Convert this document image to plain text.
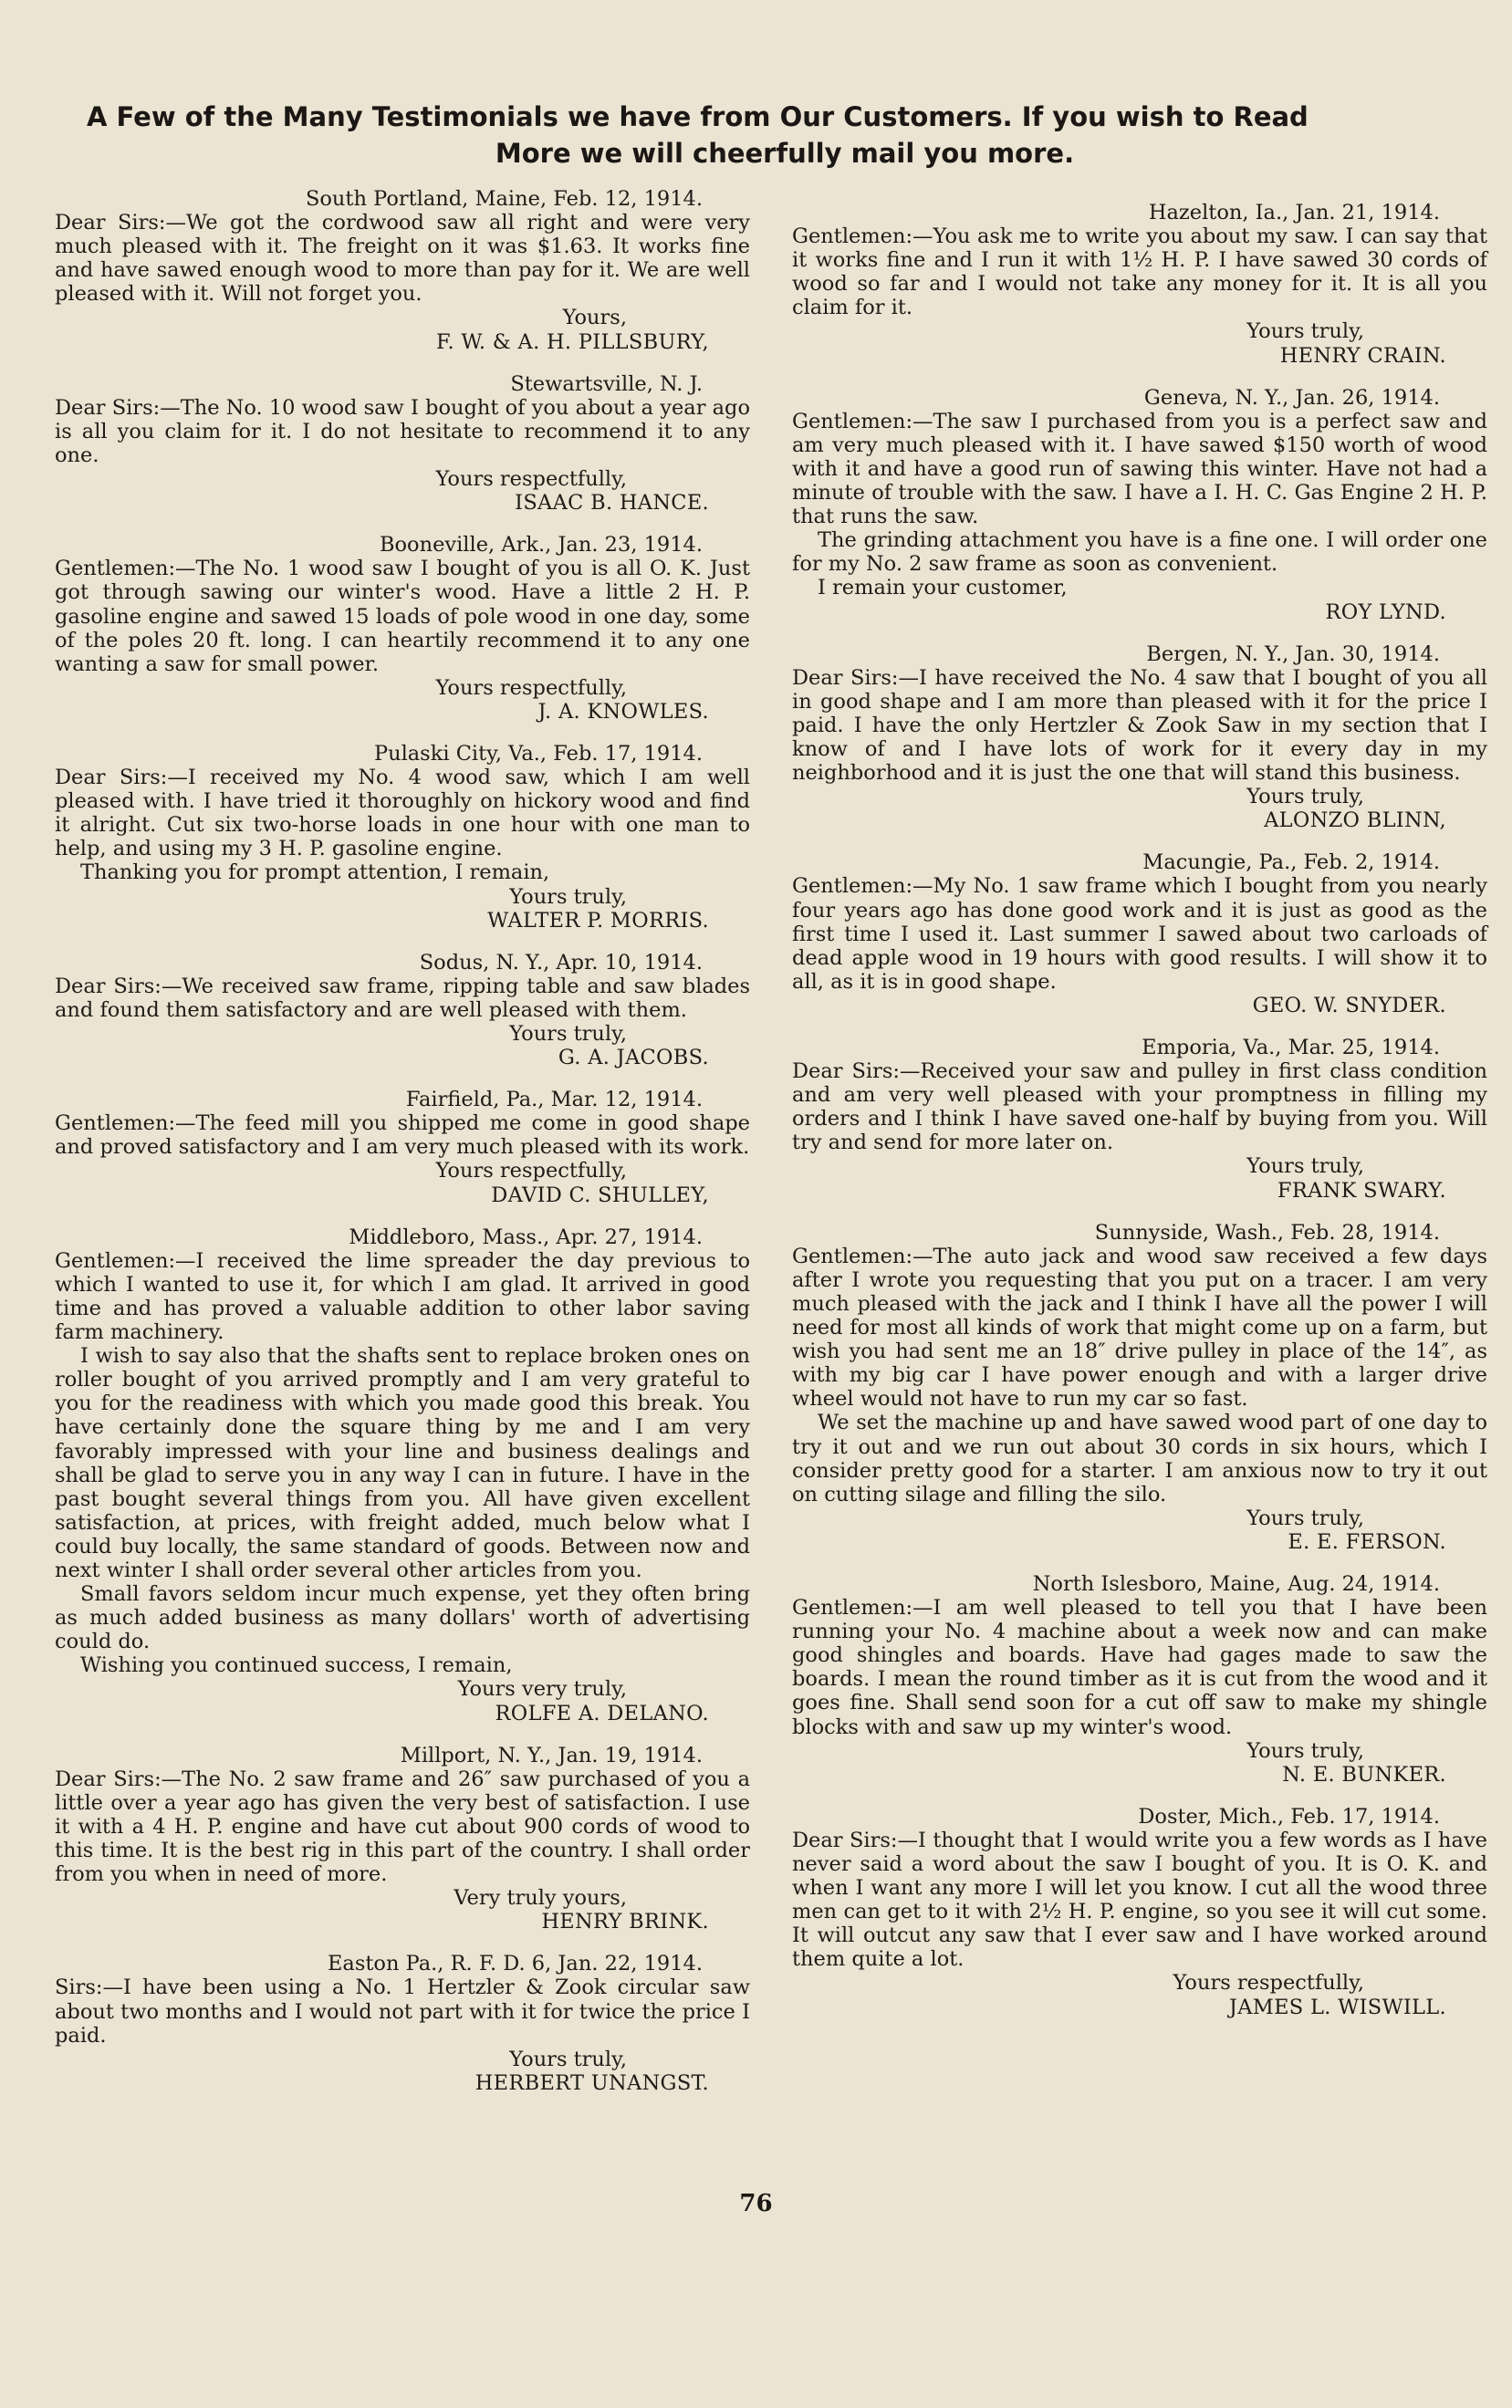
A Few of the Many Testimonials we have from Our Customers. If you wish to Read
More we will cheerfully mail you more.

South Portland, Maine, Feb. 12, 1914.

Dear Sirs:—We got the cordwood saw all right and were very much pleased with it. The freight on it was $1.63. It works fine and have sawed enough wood to more than pay for it. We are well pleased with it. Will not forget you.

Yours,

F. W. & A. H. PILLSBURY,

Stewartsville, N. J.

Dear Sirs:—The No. 10 wood saw I bought of you about a year ago is all you claim for it. I do not hesitate to recommend it to any one.

Yours respectfully,

ISAAC B. HANCE.

Booneville, Ark., Jan. 23, 1914.

Gentlemen:—The No. 1 wood saw I bought of you is all O. K. Just got through sawing our winter's wood. Have a little 2 H. P. gasoline engine and sawed 15 loads of pole wood in one day, some of the poles 20 ft. long. I can heartily recommend it to any one wanting a saw for small power.

Yours respectfully,

J. A. KNOWLES.

Pulaski City, Va., Feb. 17, 1914.

Dear Sirs:—I received my No. 4 wood saw, which I am well pleased with. I have tried it thoroughly on hickory wood and find it alright. Cut six two-horse loads in one hour with one man to help, and using my 3 H. P. gasoline engine.

Thanking you for prompt attention, I remain,

Yours truly,

WALTER P. MORRIS.

Sodus, N. Y., Apr. 10, 1914.

Dear Sirs:—We received saw frame, ripping table and saw blades and found them satisfactory and are well pleased with them.

Yours truly,

G. A. JACOBS.

Fairfield, Pa., Mar. 12, 1914.

Gentlemen:—The feed mill you shipped me come in good shape and proved satisfactory and I am very much pleased with its work.

Yours respectfully,

DAVID C. SHULLEY,

Middleboro, Mass., Apr. 27, 1914.

Gentlemen:—I received the lime spreader the day previous to which I wanted to use it, for which I am glad. It arrived in good time and has proved a valuable addition to other labor saving farm machinery.

I wish to say also that the shafts sent to replace broken ones on roller bought of you arrived promptly and I am very grateful to you for the readiness with which you made good this break. You have certainly done the square thing by me and I am very favorably impressed with your line and business dealings and shall be glad to serve you in any way I can in future. I have in the past bought several things from you. All have given excellent satisfaction, at prices, with freight added, much below what I could buy locally, the same standard of goods. Between now and next winter I shall order several other articles from you.

Small favors seldom incur much expense, yet they often bring as much added business as many dollars' worth of advertising could do.

Wishing you continued success, I remain,

Yours very truly,

ROLFE A. DELANO.

Millport, N. Y., Jan. 19, 1914.

Dear Sirs:—The No. 2 saw frame and 26″ saw purchased of you a little over a year ago has given the very best of satisfaction. I use it with a 4 H. P. engine and have cut about 900 cords of wood to this time. It is the best rig in this part of the country. I shall order from you when in need of more.

Very truly yours,

HENRY BRINK.

Easton Pa., R. F. D. 6, Jan. 22, 1914.

Sirs:—I have been using a No. 1 Hertzler & Zook circular saw about two months and I would not part with it for twice the price I paid.

Yours truly,

HERBERT UNANGST.

Hazelton, Ia., Jan. 21, 1914.

Gentlemen:—You ask me to write you about my saw. I can say that it works fine and I run it with 1½ H. P. I have sawed 30 cords of wood so far and I would not take any money for it. It is all you claim for it.

Yours truly,

HENRY CRAIN.

Geneva, N. Y., Jan. 26, 1914.

Gentlemen:—The saw I purchased from you is a perfect saw and am very much pleased with it. I have sawed $150 worth of wood with it and have a good run of sawing this winter. Have not had a minute of trouble with the saw. I have a I. H. C. Gas Engine 2 H. P. that runs the saw.

The grinding attachment you have is a fine one. I will order one for my No. 2 saw frame as soon as convenient.

I remain your customer,

ROY LYND.

Bergen, N. Y., Jan. 30, 1914.

Dear Sirs:—I have received the No. 4 saw that I bought of you all in good shape and I am more than pleased with it for the price I paid. I have the only Hertzler & Zook Saw in my section that I know of and I have lots of work for it every day in my neighborhood and it is just the one that will stand this business.

Yours truly,

ALONZO BLINN,

Macungie, Pa., Feb. 2, 1914.

Gentlemen:—My No. 1 saw frame which I bought from you nearly four years ago has done good work and it is just as good as the first time I used it. Last summer I sawed about two carloads of dead apple wood in 19 hours with good results. I will show it to all, as it is in good shape.

GEO. W. SNYDER.

Emporia, Va., Mar. 25, 1914.

Dear Sirs:—Received your saw and pulley in first class condition and am very well pleased with your promptness in filling my orders and I think I have saved one-half by buying from you. Will try and send for more later on.

Yours truly,

FRANK SWARY.

Sunnyside, Wash., Feb. 28, 1914.

Gentlemen:—The auto jack and wood saw received a few days after I wrote you requesting that you put on a tracer. I am very much pleased with the jack and I think I have all the power I will need for most all kinds of work that might come up on a farm, but wish you had sent me an 18″ drive pulley in place of the 14″, as with my big car I have power enough and with a larger drive wheel would not have to run my car so fast.

We set the machine up and have sawed wood part of one day to try it out and we run out about 30 cords in six hours, which I consider pretty good for a starter. I am anxious now to try it out on cutting silage and filling the silo.

Yours truly,

E. E. FERSON.

North Islesboro, Maine, Aug. 24, 1914.

Gentlemen:—I am well pleased to tell you that I have been running your No. 4 machine about a week now and can make good shingles and boards. Have had gages made to saw the boards. I mean the round timber as it is cut from the wood and it goes fine. Shall send soon for a cut off saw to make my shingle blocks with and saw up my winter's wood.

Yours truly,

N. E. BUNKER.

Doster, Mich., Feb. 17, 1914.

Dear Sirs:—I thought that I would write you a few words as I have never said a word about the saw I bought of you. It is O. K. and when I want any more I will let you know. I cut all the wood three men can get to it with 2½ H. P. engine, so you see it will cut some. It will outcut any saw that I ever saw and I have worked around them quite a lot.

Yours respectfully,

JAMES L. WISWILL.

76
